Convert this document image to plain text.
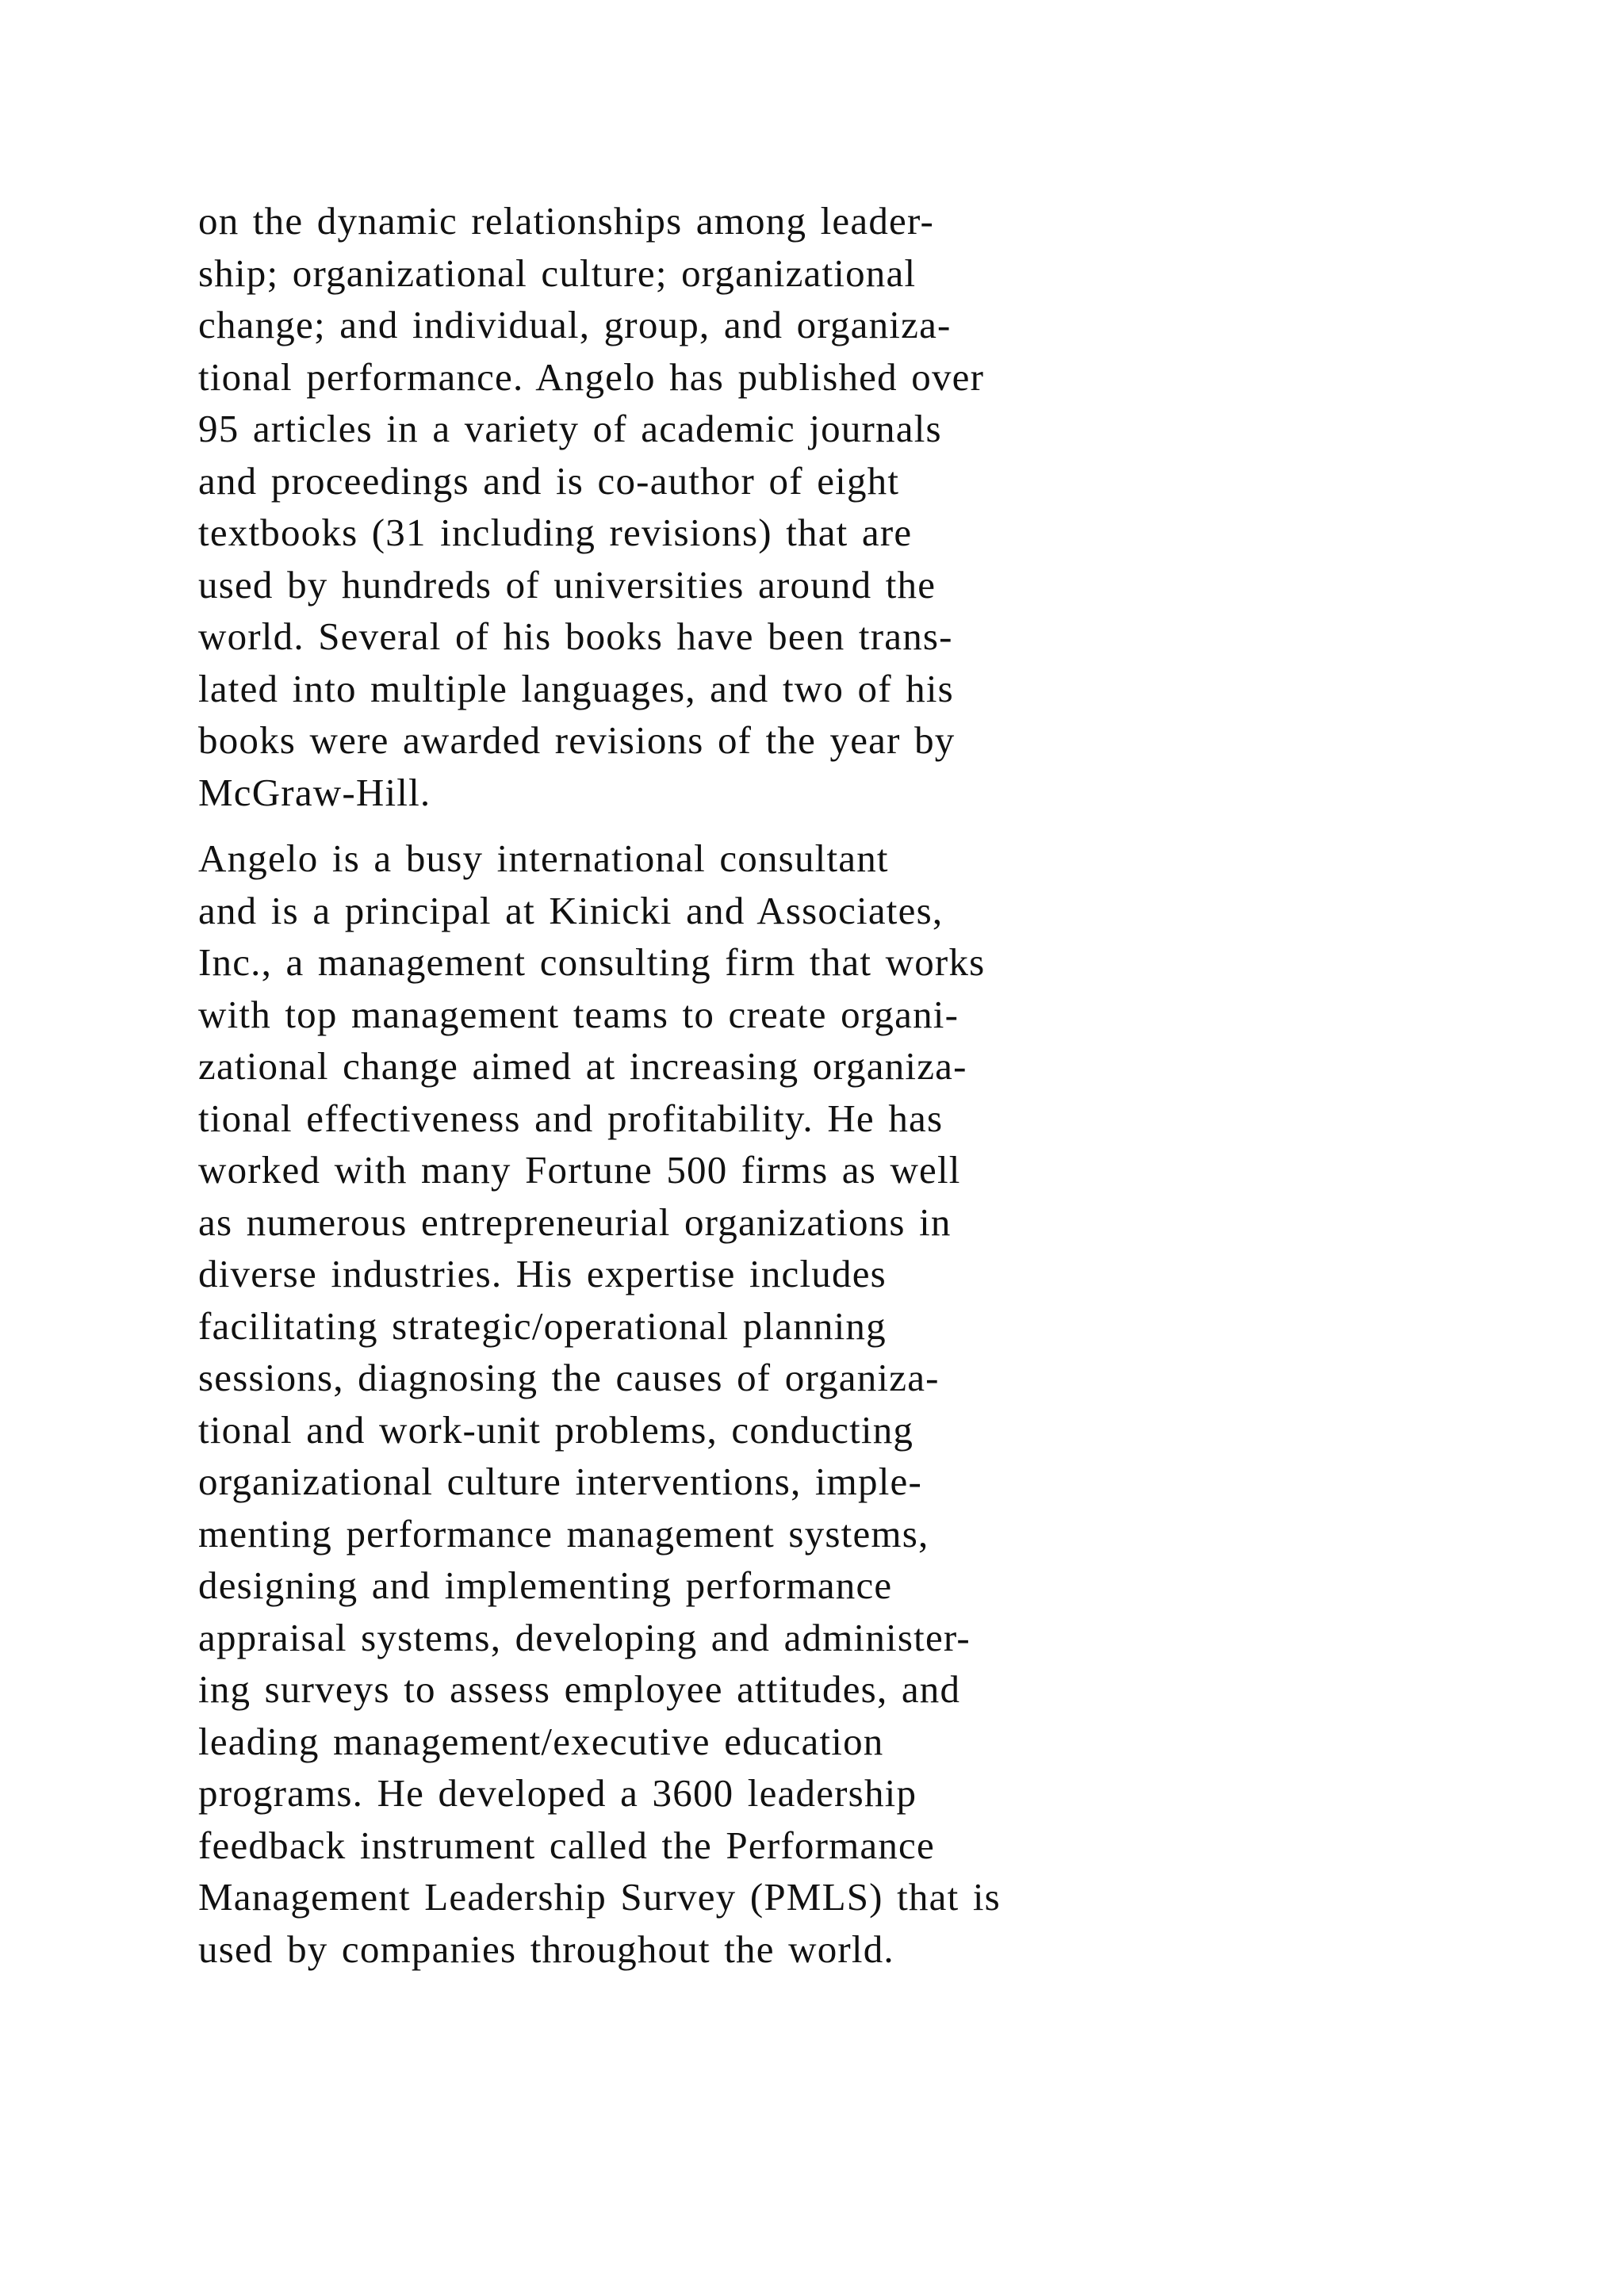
on the dynamic relationships among leader-
ship; organizational culture; organizational
change; and individual, group, and organiza-
tional performance. Angelo has published over
95 articles in a variety of academic journals
and proceedings and is co-author of eight
textbooks (31 including revisions) that are
used by hundreds of universities around the
world. Several of his books have been trans-
lated into multiple languages, and two of his
books were awarded revisions of the year by
McGraw-Hill.
Angelo is a busy international consultant
and is a principal at Kinicki and Associates,
Inc., a management consulting firm that works
with top management teams to create organi-
zational change aimed at increasing organiza-
tional effectiveness and profitability. He has
worked with many Fortune 500 firms as well
as numerous entrepreneurial organizations in
diverse industries. His expertise includes
facilitating strategic/operational planning
sessions, diagnosing the causes of organiza-
tional and work-unit problems, conducting
organizational culture interventions, imple-
menting performance management systems,
designing and implementing performance
appraisal systems, developing and administer-
ing surveys to assess employee attitudes, and
leading management/executive education
programs. He developed a 3600 leadership
feedback instrument called the Performance
Management Leadership Survey (PMLS) that is
used by companies throughout the world.
